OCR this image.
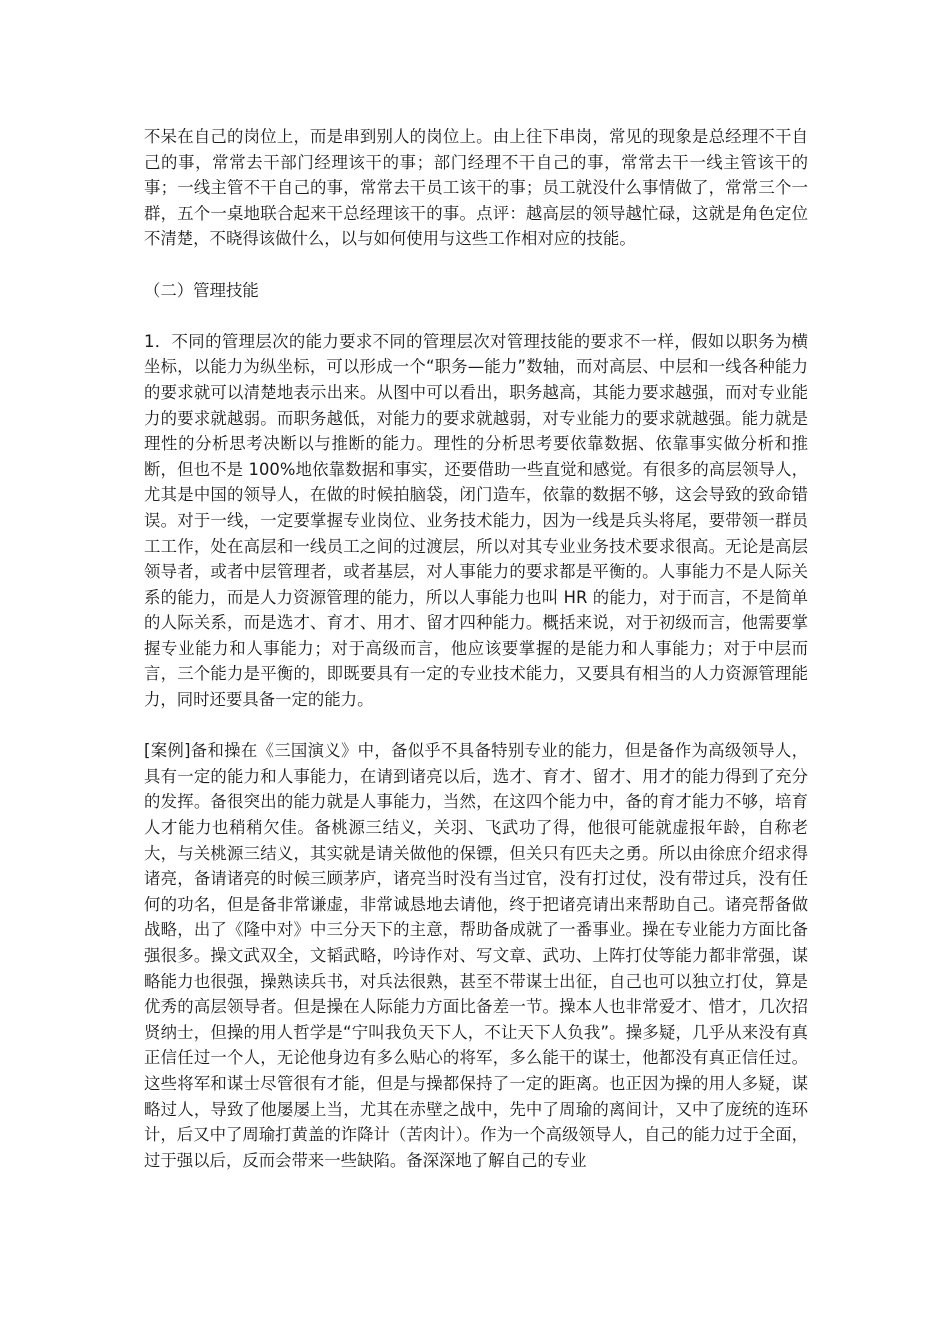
不呆在自己的岗位上，而是串到别人的岗位上。由上往下串岗，常见的现象是总经理不干自己的事，常常去干部门经理该干的事；部门经理不干自己的事，常常去干一线主管该干的事；一线主管不干自己的事，常常去干员工该干的事；员工就没什么事情做了，常常三个一群，五个一桌地联合起来干总经理该干的事。点评：越高层的领导越忙碌，这就是角色定位不清楚，不晓得该做什么，以与如何使用与这些工作相对应的技能。

（二）管理技能

1．不同的管理层次的能力要求不同的管理层次对管理技能的要求不一样，假如以职务为横坐标，以能力为纵坐标，可以形成一个“职务—能力”数轴，而对高层、中层和一线各种能力的要求就可以清楚地表示出来。从图中可以看出，职务越高，其能力要求越强，而对专业能力的要求就越弱。而职务越低，对能力的要求就越弱，对专业能力的要求就越强。能力就是理性的分析思考决断以与推断的能力。理性的分析思考要依靠数据、依靠事实做分析和推断，但也不是 100%地依靠数据和事实，还要借助一些直觉和感觉。有很多的高层领导人，尤其是中国的领导人，在做的时候拍脑袋，闭门造车，依靠的数据不够，这会导致的致命错误。对于一线，一定要掌握专业岗位、业务技术能力，因为一线是兵头将尾，要带领一群员工工作，处在高层和一线员工之间的过渡层，所以对其专业业务技术要求很高。无论是高层领导者，或者中层管理者，或者基层，对人事能力的要求都是平衡的。人事能力不是人际关系的能力，而是人力资源管理的能力，所以人事能力也叫 HR 的能力，对于而言，不是简单的人际关系，而是选才、育才、用才、留才四种能力。概括来说，对于初级而言，他需要掌握专业能力和人事能力；对于高级而言，他应该要掌握的是能力和人事能力；对于中层而言，三个能力是平衡的，即既要具有一定的专业技术能力，又要具有相当的人力资源管理能力，同时还要具备一定的能力。

[案例]备和操在《三国演义》中，备似乎不具备特别专业的能力，但是备作为高级领导人，具有一定的能力和人事能力，在请到诸亮以后，选才、育才、留才、用才的能力得到了充分的发挥。备很突出的能力就是人事能力，当然，在这四个能力中，备的育才能力不够，培育人才能力也稍稍欠佳。备桃源三结义，关羽、飞武功了得，他很可能就虚报年龄，自称老大，与关桃源三结义，其实就是请关做他的保镖，但关只有匹夫之勇。所以由徐庶介绍求得诸亮，备请诸亮的时候三顾茅庐，诸亮当时没有当过官，没有打过仗，没有带过兵，没有任何的功名，但是备非常谦虚，非常诚恳地去请他，终于把诸亮请出来帮助自己。诸亮帮备做战略，出了《隆中对》中三分天下的主意，帮助备成就了一番事业。操在专业能力方面比备强很多。操文武双全，文韬武略，吟诗作对、写文章、武功、上阵打仗等能力都非常强，谋略能力也很强，操熟读兵书，对兵法很熟，甚至不带谋士出征，自己也可以独立打仗，算是优秀的高层领导者。但是操在人际能力方面比备差一节。操本人也非常爱才、惜才，几次招贤纳士，但操的用人哲学是“宁叫我负天下人，不让天下人负我”。操多疑，几乎从来没有真正信任过一个人，无论他身边有多么贴心的将军，多么能干的谋士，他都没有真正信任过。这些将军和谋士尽管很有才能，但是与操都保持了一定的距离。也正因为操的用人多疑，谋略过人，导致了他屡屡上当，尤其在赤壁之战中，先中了周瑜的离间计，又中了庞统的连环计，后又中了周瑜打黄盖的诈降计（苦肉计）。作为一个高级领导人，自己的能力过于全面，过于强以后，反而会带来一些缺陷。备深深地了解自己的专业
